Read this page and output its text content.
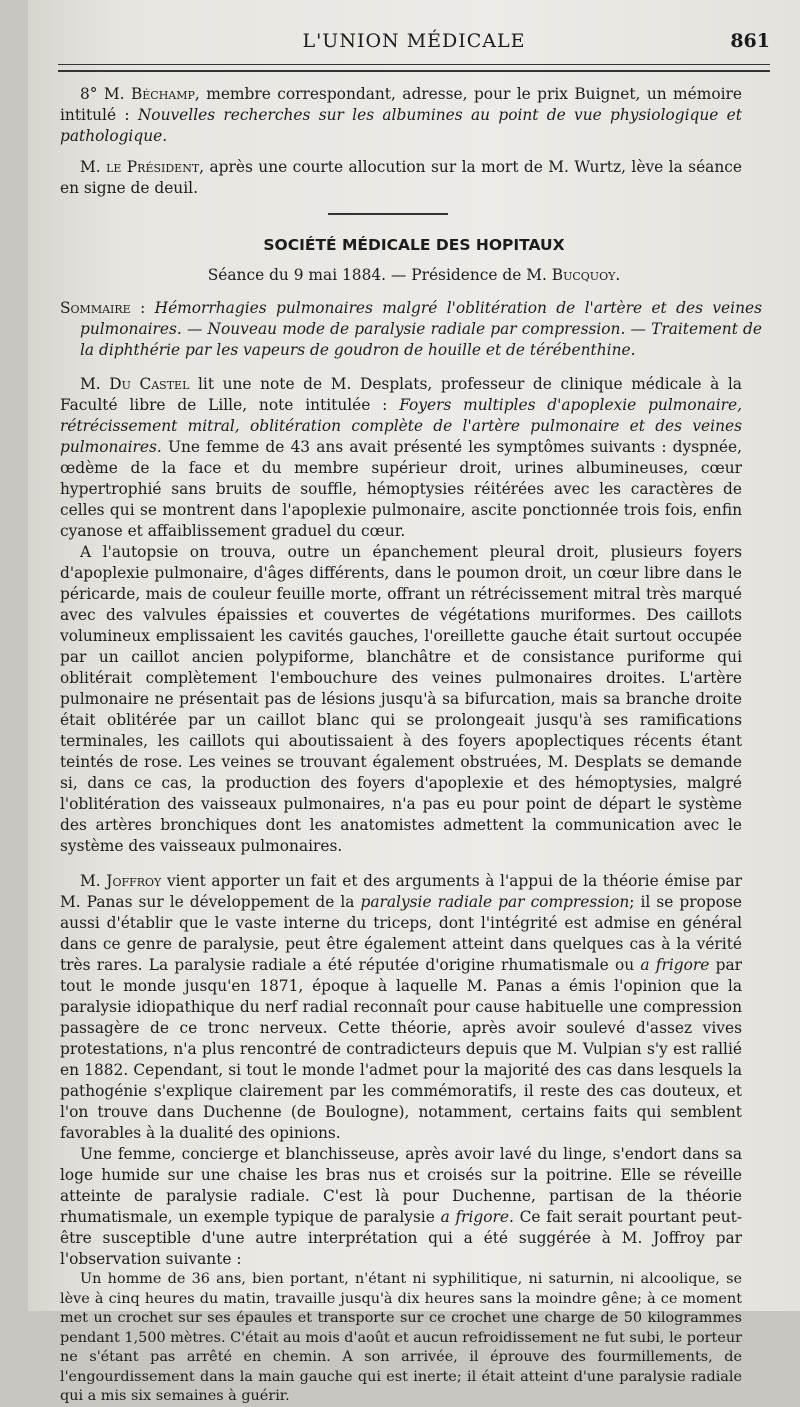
L'UNION MÉDICALE	861

8° M. Béchamp, membre correspondant, adresse, pour le prix Buignet, un mémoire intitulé : Nouvelles recherches sur les albumines au point de vue physiologique et pathologique.

M. le Président, après une courte allocution sur la mort de M. Wurtz, lève la séance en signe de deuil.

SOCIÉTÉ MÉDICALE DES HOPITAUX
Séance du 9 mai 1884. — Présidence de M. Bucquoy.
Sommaire : Hémorrhagies pulmonaires malgré l'oblitération de l'artère et des veines pulmonaires. — Nouveau mode de paralysie radiale par compression. — Traitement de la diphthérie par les vapeurs de goudron de houille et de térébenthine.

M. Du Castel lit une note de M. Desplats, professeur de clinique médicale à la Faculté libre de Lille, note intitulée : Foyers multiples d'apoplexie pulmonaire, rétrécissement mitral, oblitération complète de l'artère pulmonaire et des veines pulmonaires. Une femme de 43 ans avait présenté les symptômes suivants : dyspnée, œdème de la face et du membre supérieur droit, urines albumineuses, cœur hypertrophié sans bruits de souffle, hémoptysies réitérées avec les caractères de celles qui se montrent dans l'apoplexie pulmonaire, ascite ponctionnée trois fois, enfin cyanose et affaiblissement graduel du cœur.

A l'autopsie on trouva, outre un épanchement pleural droit, plusieurs foyers d'apoplexie pulmonaire, d'âges différents, dans le poumon droit, un cœur libre dans le péricarde, mais de couleur feuille morte, offrant un rétrécissement mitral très marqué avec des valvules épaissies et couvertes de végétations muriformes. Des caillots volumineux emplissaient les cavités gauches, l'oreillette gauche était surtout occupée par un caillot ancien polypiforme, blanchâtre et de consistance puriforme qui oblitérait complètement l'embouchure des veines pulmonaires droites. L'artère pulmonaire ne présentait pas de lésions jusqu'à sa bifurcation, mais sa branche droite était oblitérée par un caillot blanc qui se prolongeait jusqu'à ses ramifications terminales, les caillots qui aboutissaient à des foyers apoplectiques récents étant teintés de rose. Les veines se trouvant également obstruées, M. Desplats se demande si, dans ce cas, la production des foyers d'apoplexie et des hémoptysies, malgré l'oblitération des vaisseaux pulmonaires, n'a pas eu pour point de départ le système des artères bronchiques dont les anatomistes admettent la communication avec le système des vaisseaux pulmonaires.

M. Joffroy vient apporter un fait et des arguments à l'appui de la théorie émise par M. Panas sur le développement de la paralysie radiale par compression; il se propose aussi d'établir que le vaste interne du triceps, dont l'intégrité est admise en général dans ce genre de paralysie, peut être également atteint dans quelques cas à la vérité très rares. La paralysie radiale a été réputée d'origine rhumatismale ou a frigore par tout le monde jusqu'en 1871, époque à laquelle M. Panas a émis l'opinion que la paralysie idiopathique du nerf radial reconnaît pour cause habituelle une compression passagère de ce tronc nerveux. Cette théorie, après avoir soulevé d'assez vives protestations, n'a plus rencontré de contradicteurs depuis que M. Vulpian s'y est rallié en 1882. Cependant, si tout le monde l'admet pour la majorité des cas dans lesquels la pathogénie s'explique clairement par les commémoratifs, il reste des cas douteux, et l'on trouve dans Duchenne (de Boulogne), notamment, certains faits qui semblent favorables à la dualité des opinions.

Une femme, concierge et blanchisseuse, après avoir lavé du linge, s'endort dans sa loge humide sur une chaise les bras nus et croisés sur la poitrine. Elle se réveille atteinte de paralysie radiale. C'est là pour Duchenne, partisan de la théorie rhumatismale, un exemple typique de paralysie a frigore. Ce fait serait pourtant peut-être susceptible d'une autre interprétation qui a été suggérée à M. Joffroy par l'observation suivante :

Un homme de 36 ans, bien portant, n'étant ni syphilitique, ni saturnin, ni alcoolique, se lève à cinq heures du matin, travaille jusqu'à dix heures sans la moindre gêne; à ce moment met un crochet sur ses épaules et transporte sur ce crochet une charge de 50 kilogrammes pendant 1,500 mètres. C'était au mois d'août et aucun refroidissement ne fut subi, le porteur ne s'étant pas arrêté en chemin. A son arrivée, il éprouve des fourmillements, de l'engourdissement dans la main gauche qui est inerte; il était atteint d'une paralysie radiale qui a mis six semaines à guérir.
